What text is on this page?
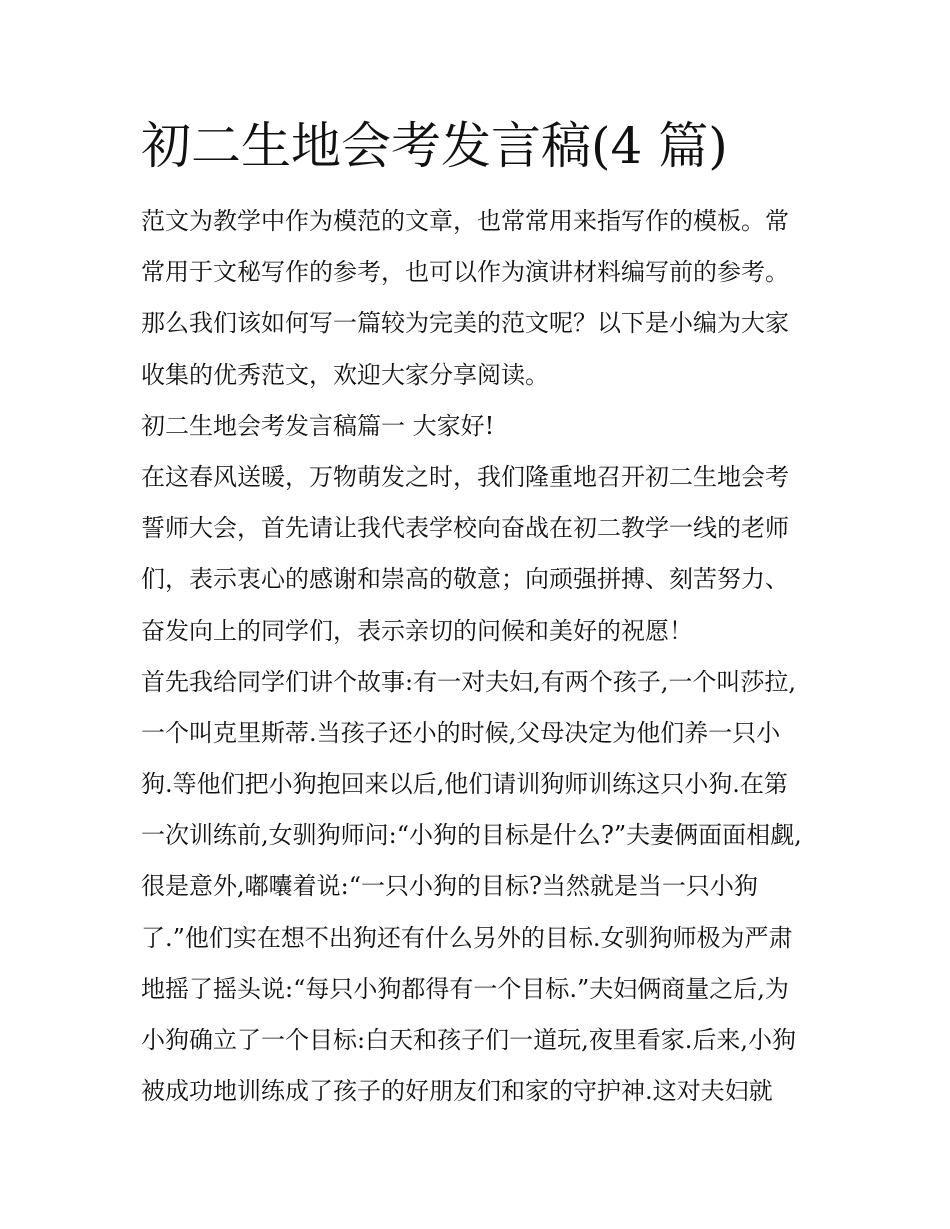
初二生地会考发言稿(4 篇)
范文为教学中作为模范的文章，也常常用来指写作的模板。常
常用于文秘写作的参考，也可以作为演讲材料编写前的参考。
那么我们该如何写一篇较为完美的范文呢？以下是小编为大家
收集的优秀范文，欢迎大家分享阅读。
初二生地会考发言稿篇一 大家好!
在这春风送暖，万物萌发之时，我们隆重地召开初二生地会考
誓师大会，首先请让我代表学校向奋战在初二教学一线的老师
们，表示衷心的感谢和崇高的敬意；向顽强拼搏、刻苦努力、
奋发向上的同学们，表示亲切的问候和美好的祝愿！
首先我给同学们讲个故事:有一对夫妇,有两个孩子,一个叫莎拉,
一个叫克里斯蒂.当孩子还小的时候,父母决定为他们养一只小
狗.等他们把小狗抱回来以后,他们请训狗师训练这只小狗.在第
一次训练前,女驯狗师问:“小狗的目标是什么?”夫妻俩面面相觑,
很是意外,嘟囔着说:“一只小狗的目标?当然就是当一只小狗
了.”他们实在想不出狗还有什么另外的目标.女驯狗师极为严肃
地摇了摇头说:“每只小狗都得有一个目标.”夫妇俩商量之后,为
小狗确立了一个目标:白天和孩子们一道玩,夜里看家.后来,小狗
被成功地训练成了孩子的好朋友们和家的守护神.这对夫妇就
